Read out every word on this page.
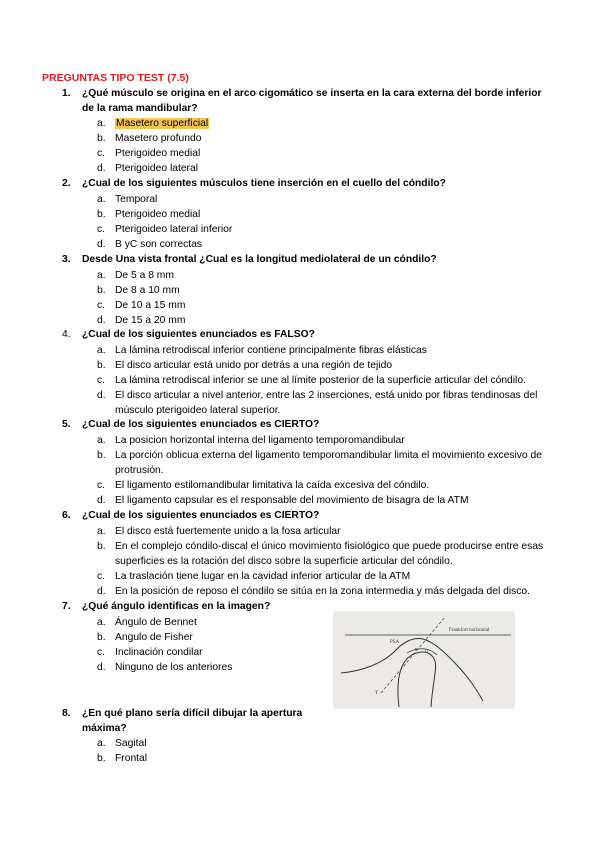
PREGUNTAS TIPO TEST (7.5)
1.	¿Qué músculo se origina en el arco cigomático se inserta en la cara externa del borde inferior de la rama mandibular?
a. Masetero superficial
b. Masetero profundo
c. Pterigoideo medial
d. Pterigoideo lateral
2.	¿Cual de los siguientes músculos tiene inserción en el cuello del cóndilo?
a. Temporal
b. Pterigoideo medial
c. Pterigoideo lateral inferior
d. B yC son correctas
3.	Desde Una vista frontal ¿Cual es la longitud mediolateral de un cóndilo?
a. De 5 a 8 mm
b. De 8 a 10 mm
c. De 10 a 15 mm
d. De 15 a 20 mm
4.	¿Cual de los siguientes enunciados es FALSO?
a. La lámina retrodiscal inferior contiene principalmente fibras elásticas
b. El disco articular está unido por detrás a una región de tejido
c. La lámina retrodiscal inferior se une al límite posterior de la superficie articular del cóndilo.
d. El disco articular a nivel anterior, entre las 2 inserciones, está unido por fibras tendinosas del músculo pterigoideo lateral superior.
5.	¿Cual de los siguientes enunciados es CIERTO?
a. La posicion horizontal interna del ligamento temporomandibular
b. La porción oblicua externa del ligamento temporomandibular limita el movimiento excesivo de protrusión.
c. El ligamento estilomandibular limitativa la caída excesiva del cóndilo.
d. El ligamento capsular es el responsable del movimiento de bisagra de la ATM
6.	¿Cual de los siguientes enunciados es CIERTO?
a. El disco está fuertemente unido a la fosa articular
b. En el complejo cóndilo-discal el único movimiento fisiológico que puede producirse entre esas superficies es la rotación del disco sobre la superficie articular del cóndilo.
c. La traslación tiene lugar en la cavidad inferior articular de la ATM
d. En la posición de reposo el cóndilo se sitúa en la zona intermedia y más delgada del disco.
7.	¿Qué ángulo identificas en la imagen?
a. Ángulo de Bennet
b. Angulo de Fisher
c. Inclinación condilar
d. Ninguno de los anteriores
Frankfort horizontal
PSA
T
U
P
8.	¿En qué plano sería difícil dibujar la apertura máxima?
a. Sagital
b. Frontal
